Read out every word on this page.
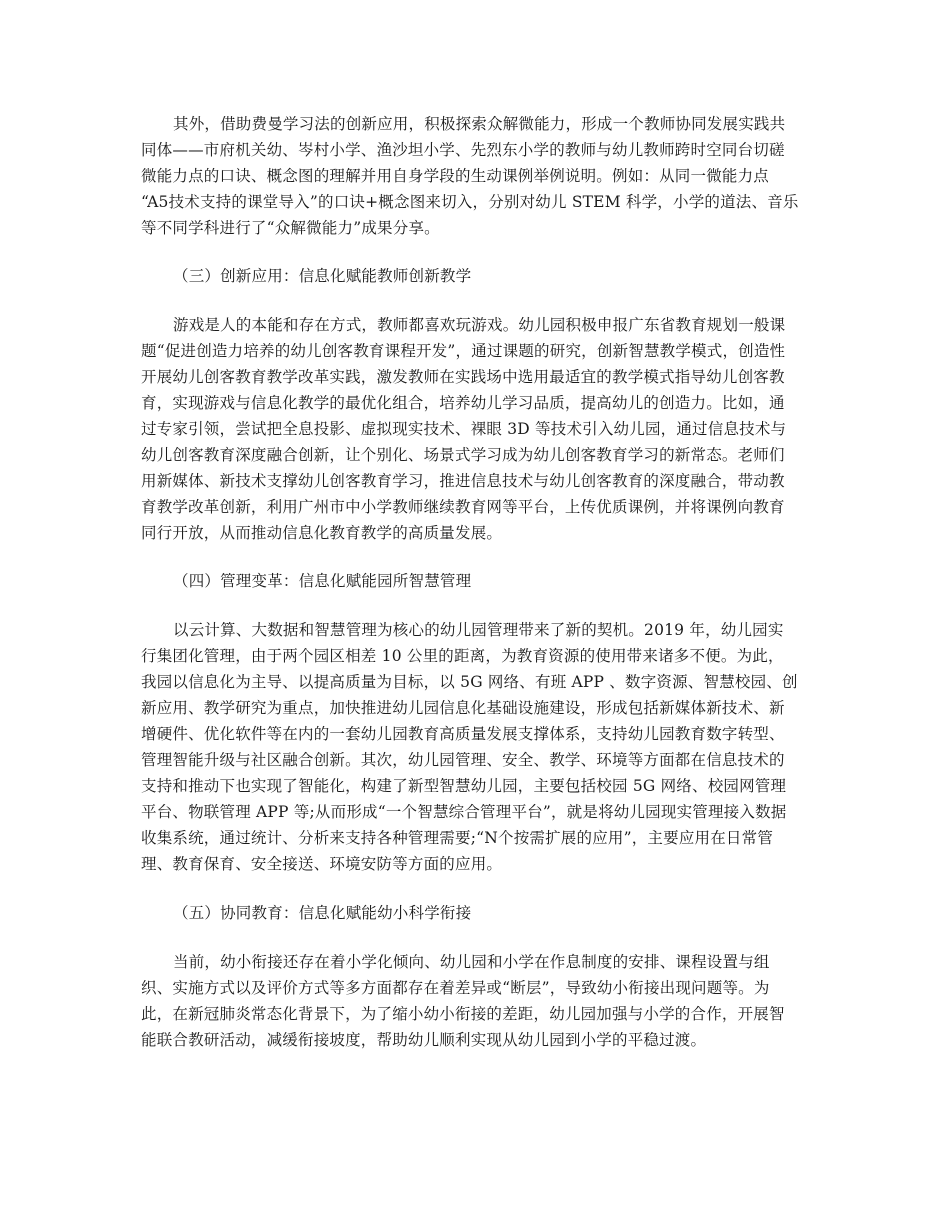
其外，借助费曼学习法的创新应用，积极探索众解微能力，形成一个教师协同发展实践共
同体——市府机关幼、岑村小学、渔沙坦小学、先烈东小学的教师与幼儿教师跨时空同台切磋
微能力点的口诀、概念图的理解并用自身学段的生动课例举例说明。例如：从同一微能力点
“A5技术支持的课堂导入”的口诀+概念图来切入，分别对幼儿 STEM 科学，小学的道法、音乐
等不同学科进行了“众解微能力”成果分享。
（三）创新应用：信息化赋能教师创新教学
游戏是人的本能和存在方式，教师都喜欢玩游戏。幼儿园积极申报广东省教育规划一般课
题“促进创造力培养的幼儿创客教育课程开发”，通过课题的研究，创新智慧教学模式，创造性
开展幼儿创客教育教学改革实践，激发教师在实践场中选用最适宜的教学模式指导幼儿创客教
育，实现游戏与信息化教学的最优化组合，培养幼儿学习品质，提高幼儿的创造力。比如，通
过专家引领，尝试把全息投影、虚拟现实技术、裸眼 3D 等技术引入幼儿园，通过信息技术与
幼儿创客教育深度融合创新，让个别化、场景式学习成为幼儿创客教育学习的新常态。老师们
用新媒体、新技术支撑幼儿创客教育学习，推进信息技术与幼儿创客教育的深度融合，带动教
育教学改革创新，利用广州市中小学教师继续教育网等平台，上传优质课例，并将课例向教育
同行开放，从而推动信息化教育教学的高质量发展。
（四）管理变革：信息化赋能园所智慧管理
以云计算、大数据和智慧管理为核心的幼儿园管理带来了新的契机。2019 年，幼儿园实
行集团化管理，由于两个园区相差 10 公里的距离，为教育资源的使用带来诸多不便。为此，
我园以信息化为主导、以提高质量为目标，以 5G 网络、有班 APP 、数字资源、智慧校园、创
新应用、教学研究为重点，加快推进幼儿园信息化基础设施建设，形成包括新媒体新技术、新
增硬件、优化软件等在内的一套幼儿园教育高质量发展支撑体系，支持幼儿园教育数字转型、
管理智能升级与社区融合创新。其次，幼儿园管理、安全、教学、环境等方面都在信息技术的
支持和推动下也实现了智能化，构建了新型智慧幼儿园，主要包括校园 5G 网络、校园网管理
平台、物联管理 APP 等;从而形成“一个智慧综合管理平台”，就是将幼儿园现实管理接入数据
收集系统，通过统计、分析来支持各种管理需要;“N个按需扩展的应用”，主要应用在日常管
理、教育保育、安全接送、环境安防等方面的应用。
（五）协同教育：信息化赋能幼小科学衔接
当前，幼小衔接还存在着小学化倾向、幼儿园和小学在作息制度的安排、课程设置与组
织、实施方式以及评价方式等多方面都存在着差异或“断层”，导致幼小衔接出现问题等。为
此，在新冠肺炎常态化背景下，为了缩小幼小衔接的差距，幼儿园加强与小学的合作，开展智
能联合教研活动，减缓衔接坡度，帮助幼儿顺利实现从幼儿园到小学的平稳过渡。
